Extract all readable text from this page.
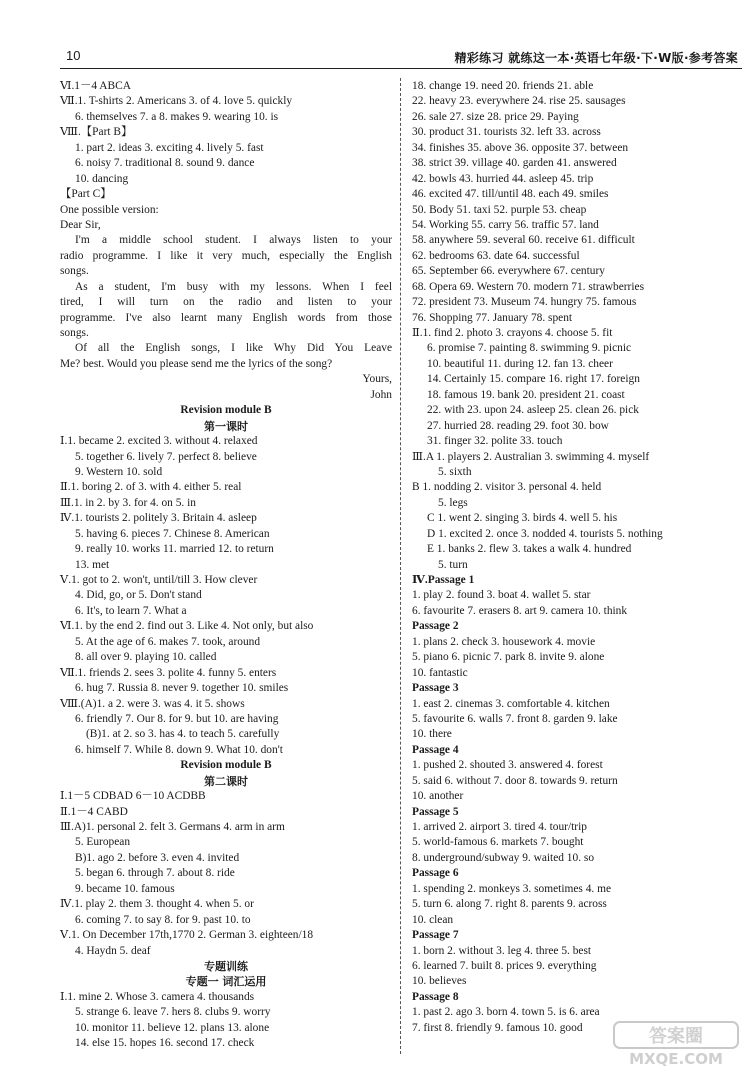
10	精彩练习 就练这一本·英语七年级·下·W版·参考答案
Ⅵ.1－4 ABCA
Ⅶ.1. T-shirts 2. Americans 3. of 4. love 5. quickly
6. themselves 7. a 8. makes 9. wearing 10. is
Ⅷ.【Part B】
1. part 2. ideas 3. exciting 4. lively 5. fast
6. noisy 7. traditional 8. sound 9. dance
10. dancing
【Part C】
One possible version:
Dear Sir,
I'm a middle school student. I always listen to your
radio programme. I like it very much, especially the English
songs.
As a student, I'm busy with my lessons. When I feel
tired, I will turn on the radio and listen to your
programme. I've also learnt many English words from those
songs.
Of all the English songs, I like Why Did You Leave
Me? best. Would you please send me the lyrics of the song?
Yours,
John
Revision module B
第一课时
Ⅰ.1. became 2. excited 3. without 4. relaxed
5. together 6. lively 7. perfect 8. believe
9. Western 10. sold
Ⅱ.1. boring 2. of 3. with 4. either 5. real
Ⅲ.1. in 2. by 3. for 4. on 5. in
Ⅳ.1. tourists 2. politely 3. Britain 4. asleep
5. having 6. pieces 7. Chinese 8. American
9. really 10. works 11. married 12. to return
13. met
Ⅴ.1. got to 2. won't, until/till 3. How clever
4. Did, go, or 5. Don't stand
6. It's, to learn 7. What a
Ⅵ.1. by the end 2. find out 3. Like 4. Not only, but also
5. At the age of 6. makes 7. took, around
8. all over 9. playing 10. called
Ⅶ.1. friends 2. sees 3. polite 4. funny 5. enters
6. hug 7. Russia 8. never 9. together 10. smiles
Ⅷ.(A)1. a 2. were 3. was 4. it 5. shows
6. friendly 7. Our 8. for 9. but 10. are having
(B)1. at 2. so 3. has 4. to teach 5. carefully
6. himself 7. While 8. down 9. What 10. don't
Revision module B
第二课时
Ⅰ.1－5 CDBAD 6－10 ACDBB
Ⅱ.1－4 CABD
Ⅲ.A)1. personal 2. felt 3. Germans 4. arm in arm
5. European
B)1. ago 2. before 3. even 4. invited
5. began 6. through 7. about 8. ride
9. became 10. famous
Ⅳ.1. play 2. them 3. thought 4. when 5. or
6. coming 7. to say 8. for 9. past 10. to
Ⅴ.1. On December 17th,1770 2. German 3. eighteen/18
4. Haydn 5. deaf
专题训练
专题一 词汇运用
Ⅰ.1. mine 2. Whose 3. camera 4. thousands
5. strange 6. leave 7. hers 8. clubs 9. worry
10. monitor 11. believe 12. plans 13. alone
14. else 15. hopes 16. second 17. check
18. change 19. need 20. friends 21. able
22. heavy 23. everywhere 24. rise 25. sausages
26. sale 27. size 28. price 29. Paying
30. product 31. tourists 32. left 33. across
34. finishes 35. above 36. opposite 37. between
38. strict 39. village 40. garden 41. answered
42. bowls 43. hurried 44. asleep 45. trip
46. excited 47. till/until 48. each 49. smiles
50. Body 51. taxi 52. purple 53. cheap
54. Working 55. carry 56. traffic 57. land
58. anywhere 59. several 60. receive 61. difficult
62. bedrooms 63. date 64. successful
65. September 66. everywhere 67. century
68. Opera 69. Western 70. modern 71. strawberries
72. president 73. Museum 74. hungry 75. famous
76. Shopping 77. January 78. spent
Ⅱ.1. find 2. photo 3. crayons 4. choose 5. fit
6. promise 7. painting 8. swimming 9. picnic
10. beautiful 11. during 12. fan 13. cheer
14. Certainly 15. compare 16. right 17. foreign
18. famous 19. bank 20. president 21. coast
22. with 23. upon 24. asleep 25. clean 26. pick
27. hurried 28. reading 29. foot 30. bow
31. finger 32. polite 33. touch
Ⅲ.A 1. players 2. Australian 3. swimming 4. myself
5. sixth
B 1. nodding 2. visitor 3. personal 4. held
5. legs
C 1. went 2. singing 3. birds 4. well 5. his
D 1. excited 2. once 3. nodded 4. tourists 5. nothing
E 1. banks 2. flew 3. takes a walk 4. hundred
5. turn
Ⅳ.Passage 1
1. play 2. found 3. boat 4. wallet 5. star
6. favourite 7. erasers 8. art 9. camera 10. think
Passage 2
1. plans 2. check 3. housework 4. movie
5. piano 6. picnic 7. park 8. invite 9. alone
10. fantastic
Passage 3
1. east 2. cinemas 3. comfortable 4. kitchen
5. favourite 6. walls 7. front 8. garden 9. lake
10. there
Passage 4
1. pushed 2. shouted 3. answered 4. forest
5. said 6. without 7. door 8. towards 9. return
10. another
Passage 5
1. arrived 2. airport 3. tired 4. tour/trip
5. world-famous 6. markets 7. bought
8. underground/subway 9. waited 10. so
Passage 6
1. spending 2. monkeys 3. sometimes 4. me
5. turn 6. along 7. right 8. parents 9. across
10. clean
Passage 7
1. born 2. without 3. leg 4. three 5. best
6. learned 7. built 8. prices 9. everything
10. believes
Passage 8
1. past 2. ago 3. born 4. town 5. is 6. area
7. first 8. friendly 9. famous 10. good	答案圈
MXQE.COM
